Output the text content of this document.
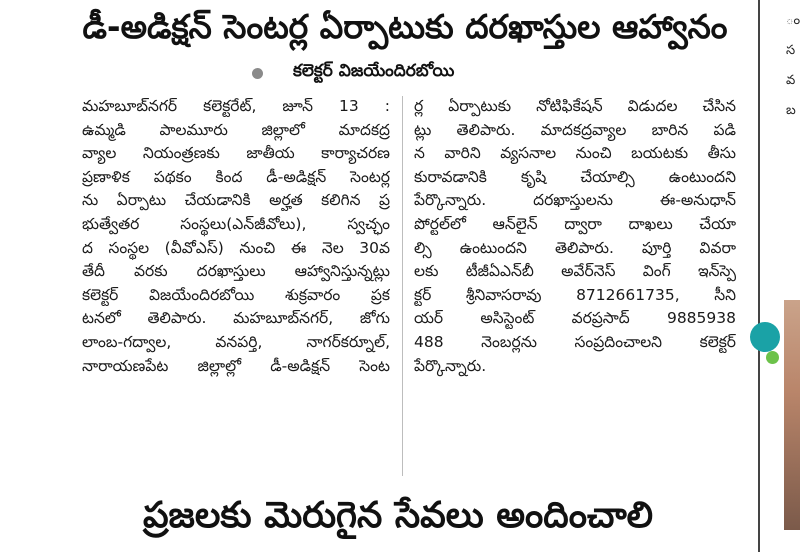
డీ-అడిక్షన్ సెంటర్ల ఏర్పాటుకు దరఖాస్తుల ఆహ్వానం
కలెక్టర్ విజయేందిరబోయి
మహబూబ్‌నగర్ కలెక్టరేట్, జూన్ 13 :
ఉమ్మడి పాలమూరు జిల్లాలో మాదకద్ర
వ్యాల నియంత్రణకు జాతీయ కార్యాచరణ
ప్రణాళిక పథకం కింద డీ-అడిక్షన్ సెంటర్ల
ను ఏర్పాటు చేయడానికి అర్హత కలిగిన ప్ర
భుత్వేతర సంస్థలు(ఎన్‌జీవోలు), స్వచ్ఛం
ద సంస్థల (వీవోఎస్) నుంచి ఈ నెల 30వ
తేదీ వరకు దరఖాస్తులు ఆహ్వానిస్తున్నట్లు
కలెక్టర్ విజయేందిరబోయి శుక్రవారం ప్రక
టనలో తెలిపారు. మహబూబ్‌నగర్, జోగు
లాంబ-గద్వాల, వనపర్తి, నాగర్‌కర్నూల్,
నారాయణపేట జిల్లాల్లో డీ-అడిక్షన్ సెంట
ర్ల ఏర్పాటుకు నోటిఫికేషన్ విడుదల చేసిన
ట్లు తెలిపారు. మాదకద్రవ్యాల బారిన పడి
న వారిని వ్యసనాల నుంచి బయటకు తీసు
కురావడానికి కృషి చేయాల్సి ఉంటుందని
పేర్కొన్నారు. దరఖాస్తులను ఈ-అనుధాన్
పోర్టల్‌లో ఆన్‌లైన్ ద్వారా దాఖలు చేయా
ల్సి ఉంటుందని తెలిపారు. పూర్తి వివరా
లకు టీజీఏఎన్‌బీ అవేర్‌నెస్ వింగ్ ఇన్‌స్పె
క్టర్ శ్రీనివాసరావు 8712661735, సీని
యర్ అసిస్టెంట్ వరప్రసాద్ 9885938
488 నెంబర్లను సంప్రదించాలని కలెక్టర్
పేర్కొన్నారు.
ం
స
వ
బ
ప్రజలకు మెరుగైన సేవలు అందించాలి
